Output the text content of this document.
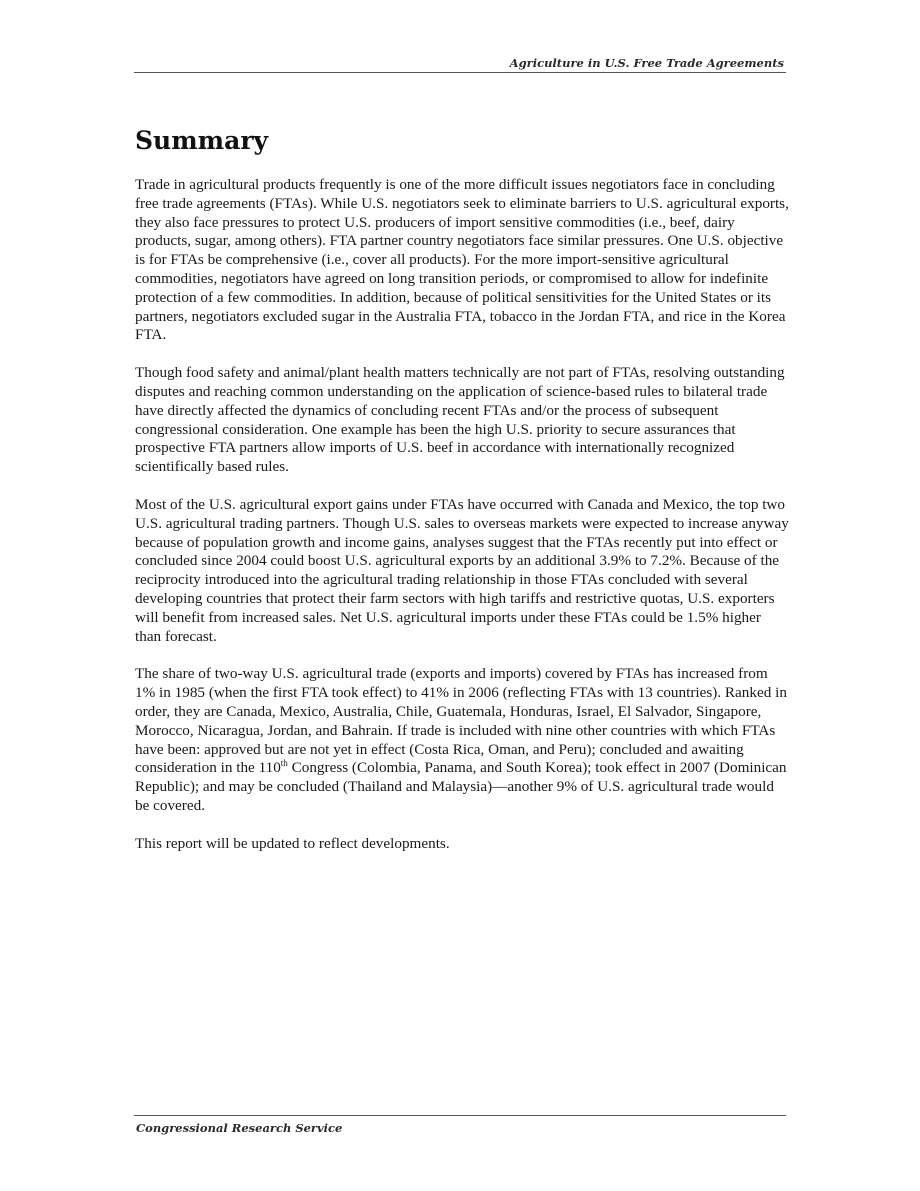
Agriculture in U.S. Free Trade Agreements
Summary

Trade in agricultural products frequently is one of the more difficult issues negotiators face in concluding free trade agreements (FTAs). While U.S. negotiators seek to eliminate barriers to U.S. agricultural exports, they also face pressures to protect U.S. producers of import sensitive commodities (i.e., beef, dairy products, sugar, among others). FTA partner country negotiators face similar pressures. One U.S. objective is for FTAs be comprehensive (i.e., cover all products). For the more import-sensitive agricultural commodities, negotiators have agreed on long transition periods, or compromised to allow for indefinite protection of a few commodities. In addition, because of political sensitivities for the United States or its partners, negotiators excluded sugar in the Australia FTA, tobacco in the Jordan FTA, and rice in the Korea FTA.

Though food safety and animal/plant health matters technically are not part of FTAs, resolving outstanding disputes and reaching common understanding on the application of science-based rules to bilateral trade have directly affected the dynamics of concluding recent FTAs and/or the process of subsequent congressional consideration. One example has been the high U.S. priority to secure assurances that prospective FTA partners allow imports of U.S. beef in accordance with internationally recognized scientifically based rules.

Most of the U.S. agricultural export gains under FTAs have occurred with Canada and Mexico, the top two U.S. agricultural trading partners. Though U.S. sales to overseas markets were expected to increase anyway because of population growth and income gains, analyses suggest that the FTAs recently put into effect or concluded since 2004 could boost U.S. agricultural exports by an additional 3.9% to 7.2%. Because of the reciprocity introduced into the agricultural trading relationship in those FTAs concluded with several developing countries that protect their farm sectors with high tariffs and restrictive quotas, U.S. exporters will benefit from increased sales. Net U.S. agricultural imports under these FTAs could be 1.5% higher than forecast.

The share of two-way U.S. agricultural trade (exports and imports) covered by FTAs has increased from 1% in 1985 (when the first FTA took effect) to 41% in 2006 (reflecting FTAs with 13 countries). Ranked in order, they are Canada, Mexico, Australia, Chile, Guatemala, Honduras, Israel, El Salvador, Singapore, Morocco, Nicaragua, Jordan, and Bahrain. If trade is included with nine other countries with which FTAs have been: approved but are not yet in effect (Costa Rica, Oman, and Peru); concluded and awaiting consideration in the 110th Congress (Colombia, Panama, and South Korea); took effect in 2007 (Dominican Republic); and may be concluded (Thailand and Malaysia)—another 9% of U.S. agricultural trade would be covered.

This report will be updated to reflect developments.

Congressional Research Service
